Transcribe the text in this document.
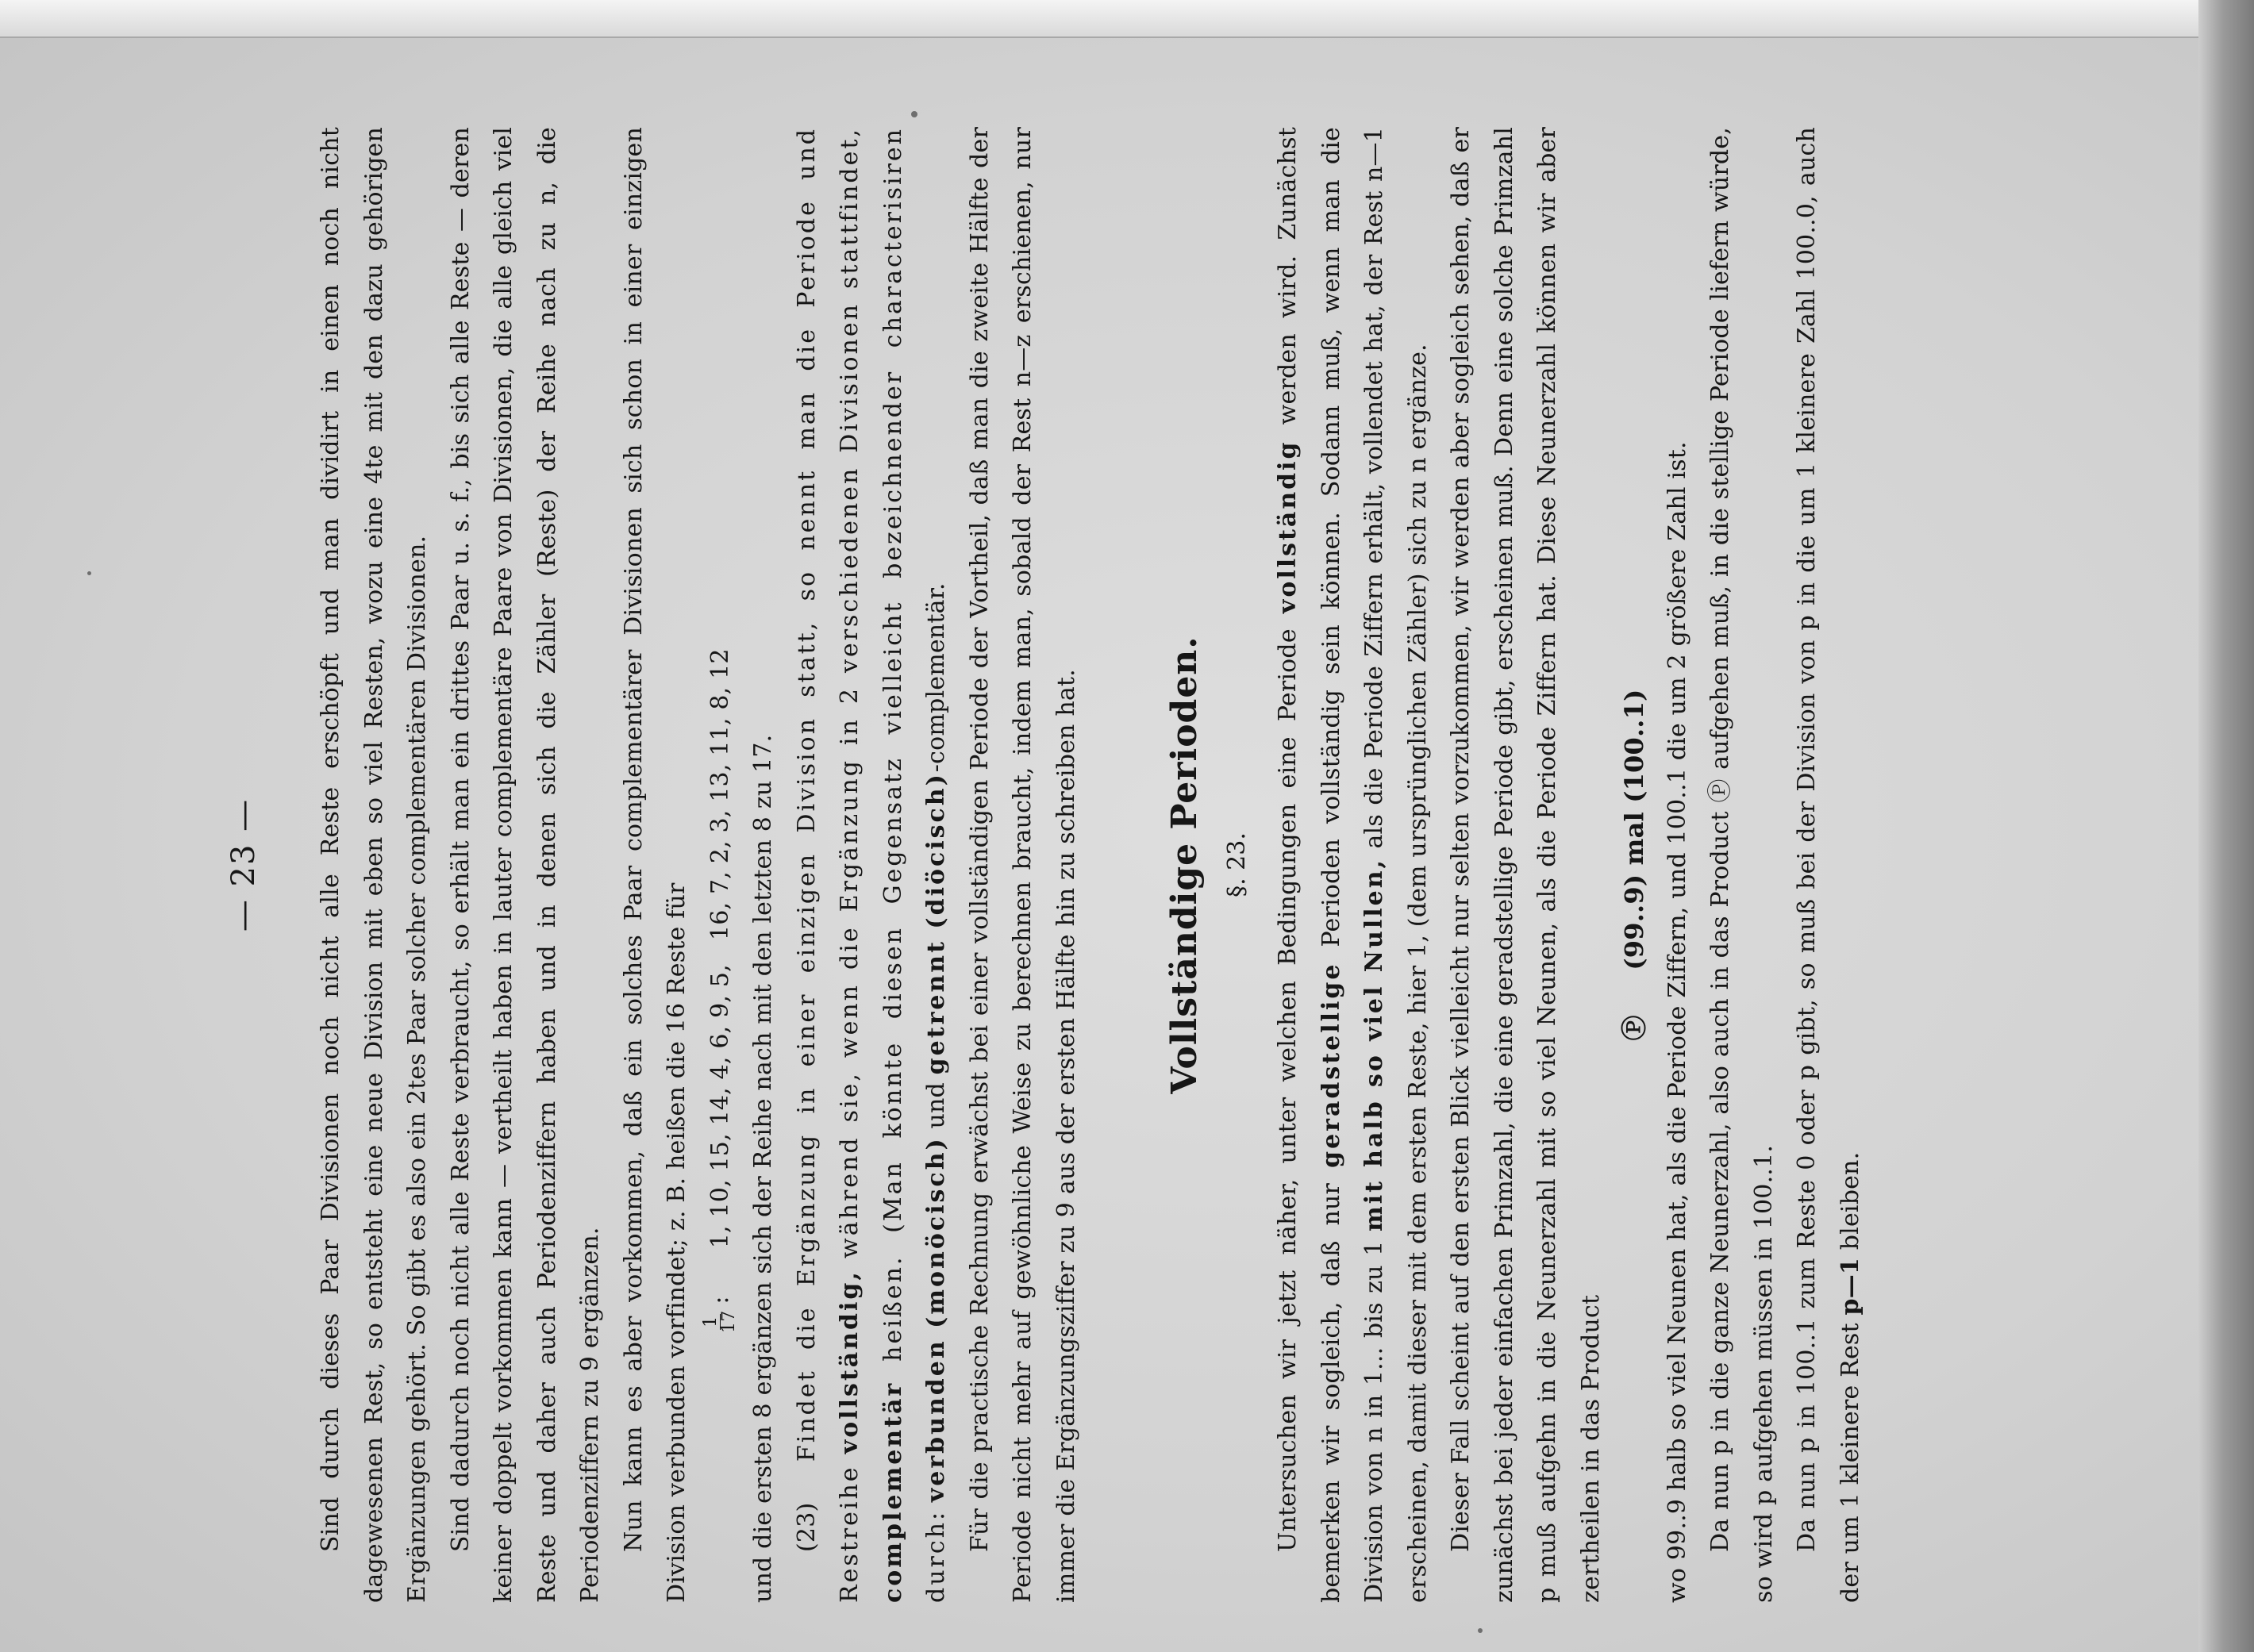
— 23 —	Sind durch dieses Paar Divisionen noch nicht alle Reste erschöpft und man dividirt in einen noch nicht dagewesenen Rest, so entsteht eine neue Division mit eben so viel Resten, wozu eine 4te mit den dazu gehörigen Ergänzungen gehört. So gibt es also ein 2tes Paar solcher complementären Divisionen. Sind dadurch noch nicht alle Reste verbraucht, so erhält man ein drittes Paar u. s. f., bis sich alle Reste — deren keiner doppelt vorkommen kann — vertheilt haben in lauter complementäre Paare von Divisionen, die alle gleich viel Reste und daher auch Periodenziffern haben und in denen sich die Zähler (Reste) der Reihe nach zu n, die Periodenziffern zu 9 ergänzen. Nun kann es aber vorkommen, daß ein solches Paar complementärer Divisionen sich schon in einer einzigen Division verbunden vorfindet; z. B. heißen die 16 Reste für 1
17
:
1, 10, 15, 14, 4, 6, 9, 5,
16, 7, 2, 3, 13, 11, 8, 12 und die ersten 8 ergänzen sich der Reihe nach mit den letzten 8 zu 17. (23) Findet die Ergänzung in einer einzigen Division statt, so nennt man die Periode und Restreihe vollständig, während sie, wenn die Ergänzung in 2 verschiedenen Divisionen stattfindet, complementär heißen. (Man könnte diesen Gegensatz vielleicht bezeichnender characterisiren durch: verbunden (monöcisch) und getrennt (diöcisch)-complementär. Für die practische Rechnung erwächst bei einer vollständigen Periode der Vortheil, daß man die zweite Hälfte der Periode nicht mehr auf gewöhnliche Weise zu berechnen braucht, indem man, sobald der Rest n—z erschienen, nur immer die Ergänzungsziffer zu 9 aus der ersten Hälfte hin zu schreiben hat. Vollständige Perioden. §. 23. Untersuchen wir jetzt näher, unter welchen Bedingungen eine Periode vollständig werden wird. Zunächst bemerken wir sogleich, daß nur geradstellige Perioden vollständig sein können. Sodann muß, wenn man die Division von n in 1... bis zu 1 mit halb so viel Nullen, als die Periode Ziffern erhält, vollendet hat, der Rest n—1 erscheinen, damit dieser mit dem ersten Reste, hier 1, (dem ursprünglichen Zähler) sich zu n ergänze. Dieser Fall scheint auf den ersten Blick vielleicht nur selten vorzukommen, wir werden aber sogleich sehen, daß er zunächst bei jeder einfachen Primzahl, die eine geradstellige Periode gibt, erscheinen muß. Denn eine solche Primzahl p muß aufgehn in die Neunerzahl mit so viel Neunen, als die Periode Ziffern hat. Diese Neunerzahl können wir aber zertheilen in das Product

Ⓟ     (99..9) mal (100..1) wo 99..9 halb so viel Neunen hat, als die Periode Ziffern, und 100..1 die um 2 größere Zahl ist. Da nun p in die ganze Neunerzahl, also auch in das Product Ⓟ aufgehen muß, in die stellige Periode liefern würde, so wird p aufgehen müssen in 100..1. Da nun p in 100..1 zum Reste 0 oder p gibt, so muß bei der Division von p in die um 1 kleinere Zahl 100..0, auch der um 1 kleinere Rest p—1 bleiben.
